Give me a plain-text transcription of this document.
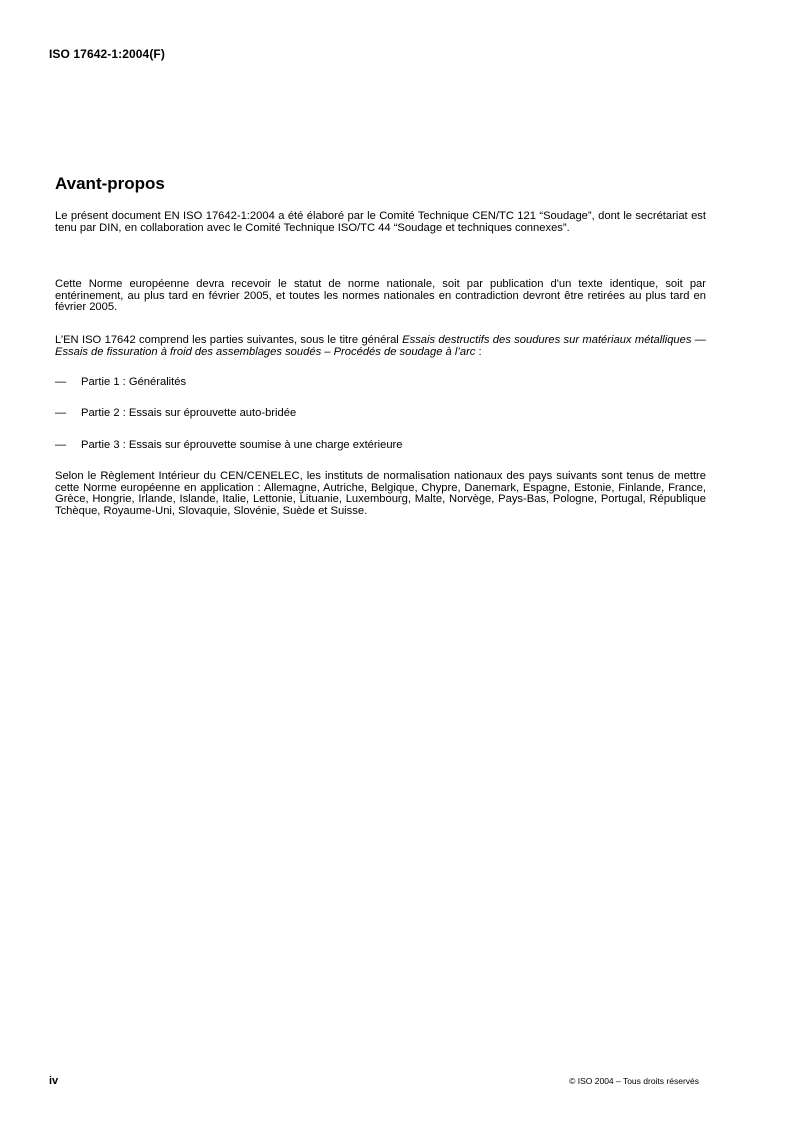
ISO 17642-1:2004(F)
Avant-propos
Le présent document EN ISO 17642-1:2004 a été élaboré par le Comité Technique CEN/TC 121 “Soudage”, dont le secrétariat est tenu par DIN, en collaboration avec le Comité Technique ISO/TC 44 “Soudage et techniques connexes”.
Cette Norme européenne devra recevoir le statut de norme nationale, soit par publication d'un texte identique, soit par entérinement, au plus tard en février 2005, et toutes les normes nationales en contradiction devront être retirées au plus tard en février 2005.
L’EN ISO 17642 comprend les parties suivantes, sous le titre général Essais destructifs des soudures sur matériaux métalliques — Essais de fissuration à froid des assemblages soudés – Procédés de soudage à l’arc :
— Partie 1 : Généralités
— Partie 2 : Essais sur éprouvette auto-bridée
— Partie 3 : Essais sur éprouvette soumise à une charge extérieure
Selon le Règlement Intérieur du CEN/CENELEC, les instituts de normalisation nationaux des pays suivants sont tenus de mettre cette Norme européenne en application : Allemagne, Autriche, Belgique, Chypre, Danemark, Espagne, Estonie, Finlande, France, Grèce, Hongrie, Irlande, Islande, Italie, Lettonie, Lituanie, Luxembourg, Malte, Norvège, Pays-Bas, Pologne, Portugal, République Tchèque, Royaume-Uni, Slovaquie, Slovénie, Suède et Suisse.
iv	© ISO 2004 – Tous droits réservés
